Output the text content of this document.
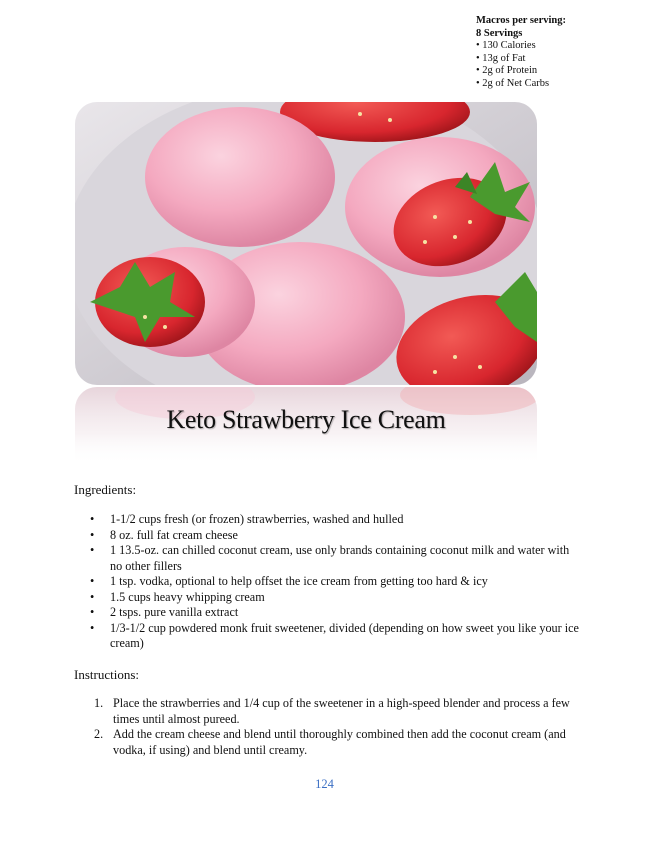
Macros per serving:
8 Servings
• 130 Calories
• 13g of Fat
• 2g of Protein
• 2g of Net Carbs
Keto Strawberry Ice Cream
Ingredients:
• 1-1/2 cups fresh (or frozen) strawberries, washed and hulled
• 8 oz. full fat cream cheese
• 1 13.5-oz. can chilled coconut cream, use only brands containing coconut milk and water with no other fillers
• 1 tsp. vodka, optional to help offset the ice cream from getting too hard & icy
• 1.5 cups heavy whipping cream
• 2 tsps. pure vanilla extract
• 1/3-1/2 cup powdered monk fruit sweetener, divided (depending on how sweet you like your ice cream)
Instructions:
1. Place the strawberries and 1/4 cup of the sweetener in a high-speed blender and process a few times until almost pureed.
2. Add the cream cheese and blend until thoroughly combined then add the coconut cream (and vodka, if using) and blend until creamy.
124
